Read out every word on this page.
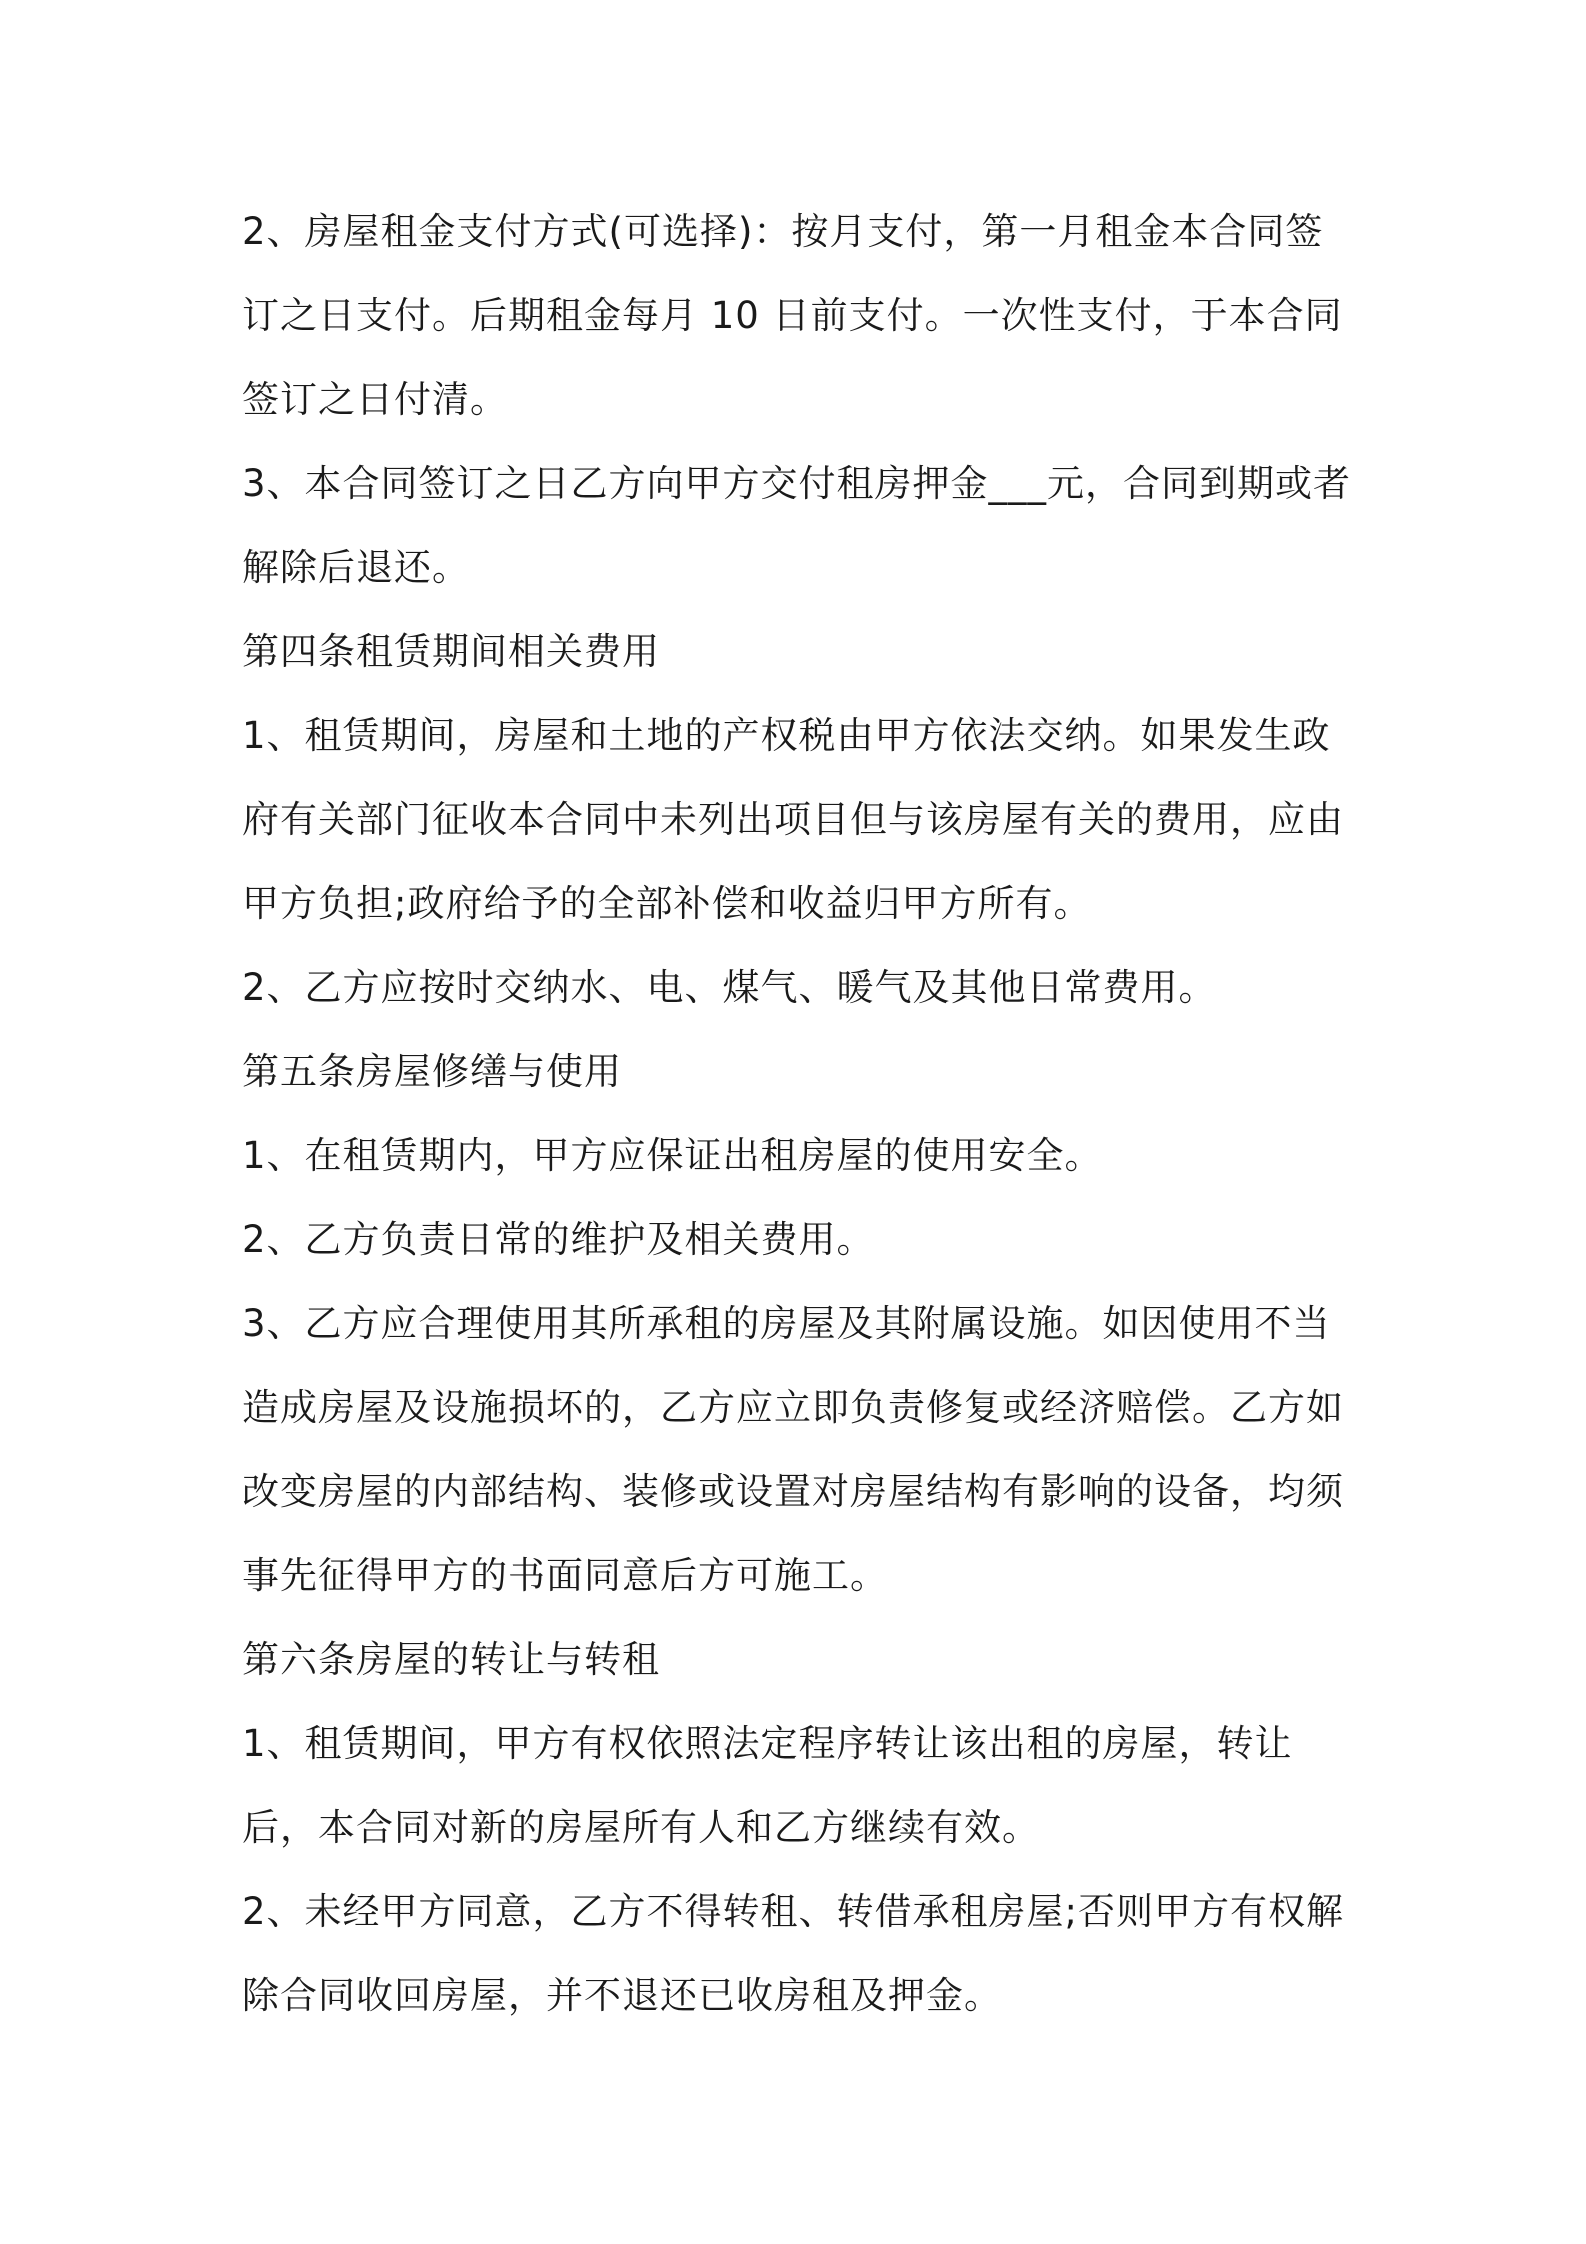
2、房屋租金支付方式(可选择)：按月支付，第一月租金本合同签订之日支付。后期租金每月 10 日前支付。一次性支付，于本合同签订之日付清。

3、本合同签订之日乙方向甲方交付租房押金___元，合同到期或者解除后退还。

第四条租赁期间相关费用

1、租赁期间，房屋和土地的产权税由甲方依法交纳。如果发生政府有关部门征收本合同中未列出项目但与该房屋有关的费用，应由甲方负担;政府给予的全部补偿和收益归甲方所有。

2、乙方应按时交纳水、电、煤气、暖气及其他日常费用。

第五条房屋修缮与使用

1、在租赁期内，甲方应保证出租房屋的使用安全。

2、乙方负责日常的维护及相关费用。

3、乙方应合理使用其所承租的房屋及其附属设施。如因使用不当造成房屋及设施损坏的，乙方应立即负责修复或经济赔偿。乙方如改变房屋的内部结构、装修或设置对房屋结构有影响的设备，均须事先征得甲方的书面同意后方可施工。

第六条房屋的转让与转租

1、租赁期间，甲方有权依照法定程序转让该出租的房屋，转让后，本合同对新的房屋所有人和乙方继续有效。

2、未经甲方同意，乙方不得转租、转借承租房屋;否则甲方有权解除合同收回房屋，并不退还已收房租及押金。
